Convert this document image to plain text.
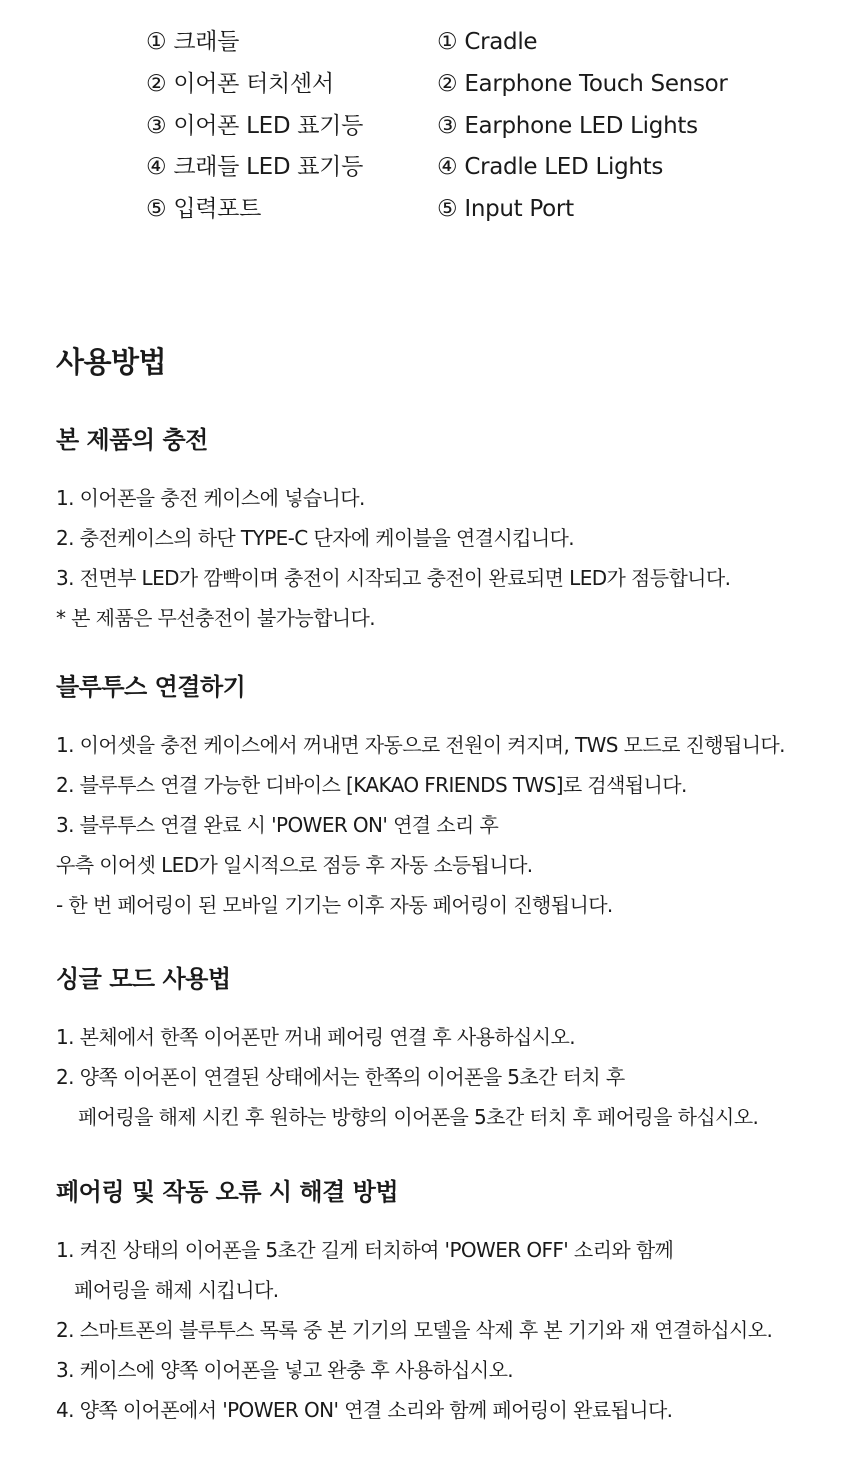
① 크래들
② 이어폰 터치센서
③ 이어폰 LED 표기등
④ 크래들 LED 표기등
⑤ 입력포트
① Cradle
② Earphone Touch Sensor
③ Earphone LED Lights
④ Cradle LED Lights
⑤ Input Port
사용방법
본 제품의 충전
1. 이어폰을 충전 케이스에 넣습니다.
2. 충전케이스의 하단 TYPE-C 단자에 케이블을 연결시킵니다.
3. 전면부 LED가 깜빡이며 충전이 시작되고 충전이 완료되면 LED가 점등합니다.
* 본 제품은 무선충전이 불가능합니다.
블루투스 연결하기
1. 이어셋을 충전 케이스에서 꺼내면 자동으로 전원이 켜지며, TWS 모드로 진행됩니다.
2. 블루투스 연결 가능한 디바이스 [KAKAO FRIENDS TWS]로 검색됩니다.
3. 블루투스 연결 완료 시 'POWER ON' 연결 소리 후
우측 이어셋 LED가 일시적으로 점등 후 자동 소등됩니다.
- 한 번 페어링이 된 모바일 기기는 이후 자동 페어링이 진행됩니다.
싱글 모드 사용법
1. 본체에서 한쪽 이어폰만 꺼내 페어링 연결 후 사용하십시오.
2. 양쪽 이어폰이 연결된 상태에서는 한쪽의 이어폰을 5초간 터치 후
페어링을 해제 시킨 후 원하는 방향의 이어폰을 5초간 터치 후 페어링을 하십시오.
페어링 및 작동 오류 시 해결 방법
1. 켜진 상태의 이어폰을 5초간 길게 터치하여 'POWER OFF' 소리와 함께
페어링을 해제 시킵니다.
2. 스마트폰의 블루투스 목록 중 본 기기의 모델을 삭제 후 본 기기와 재 연결하십시오.
3. 케이스에 양쪽 이어폰을 넣고 완충 후 사용하십시오.
4. 양쪽 이어폰에서 'POWER ON' 연결 소리와 함께 페어링이 완료됩니다.
